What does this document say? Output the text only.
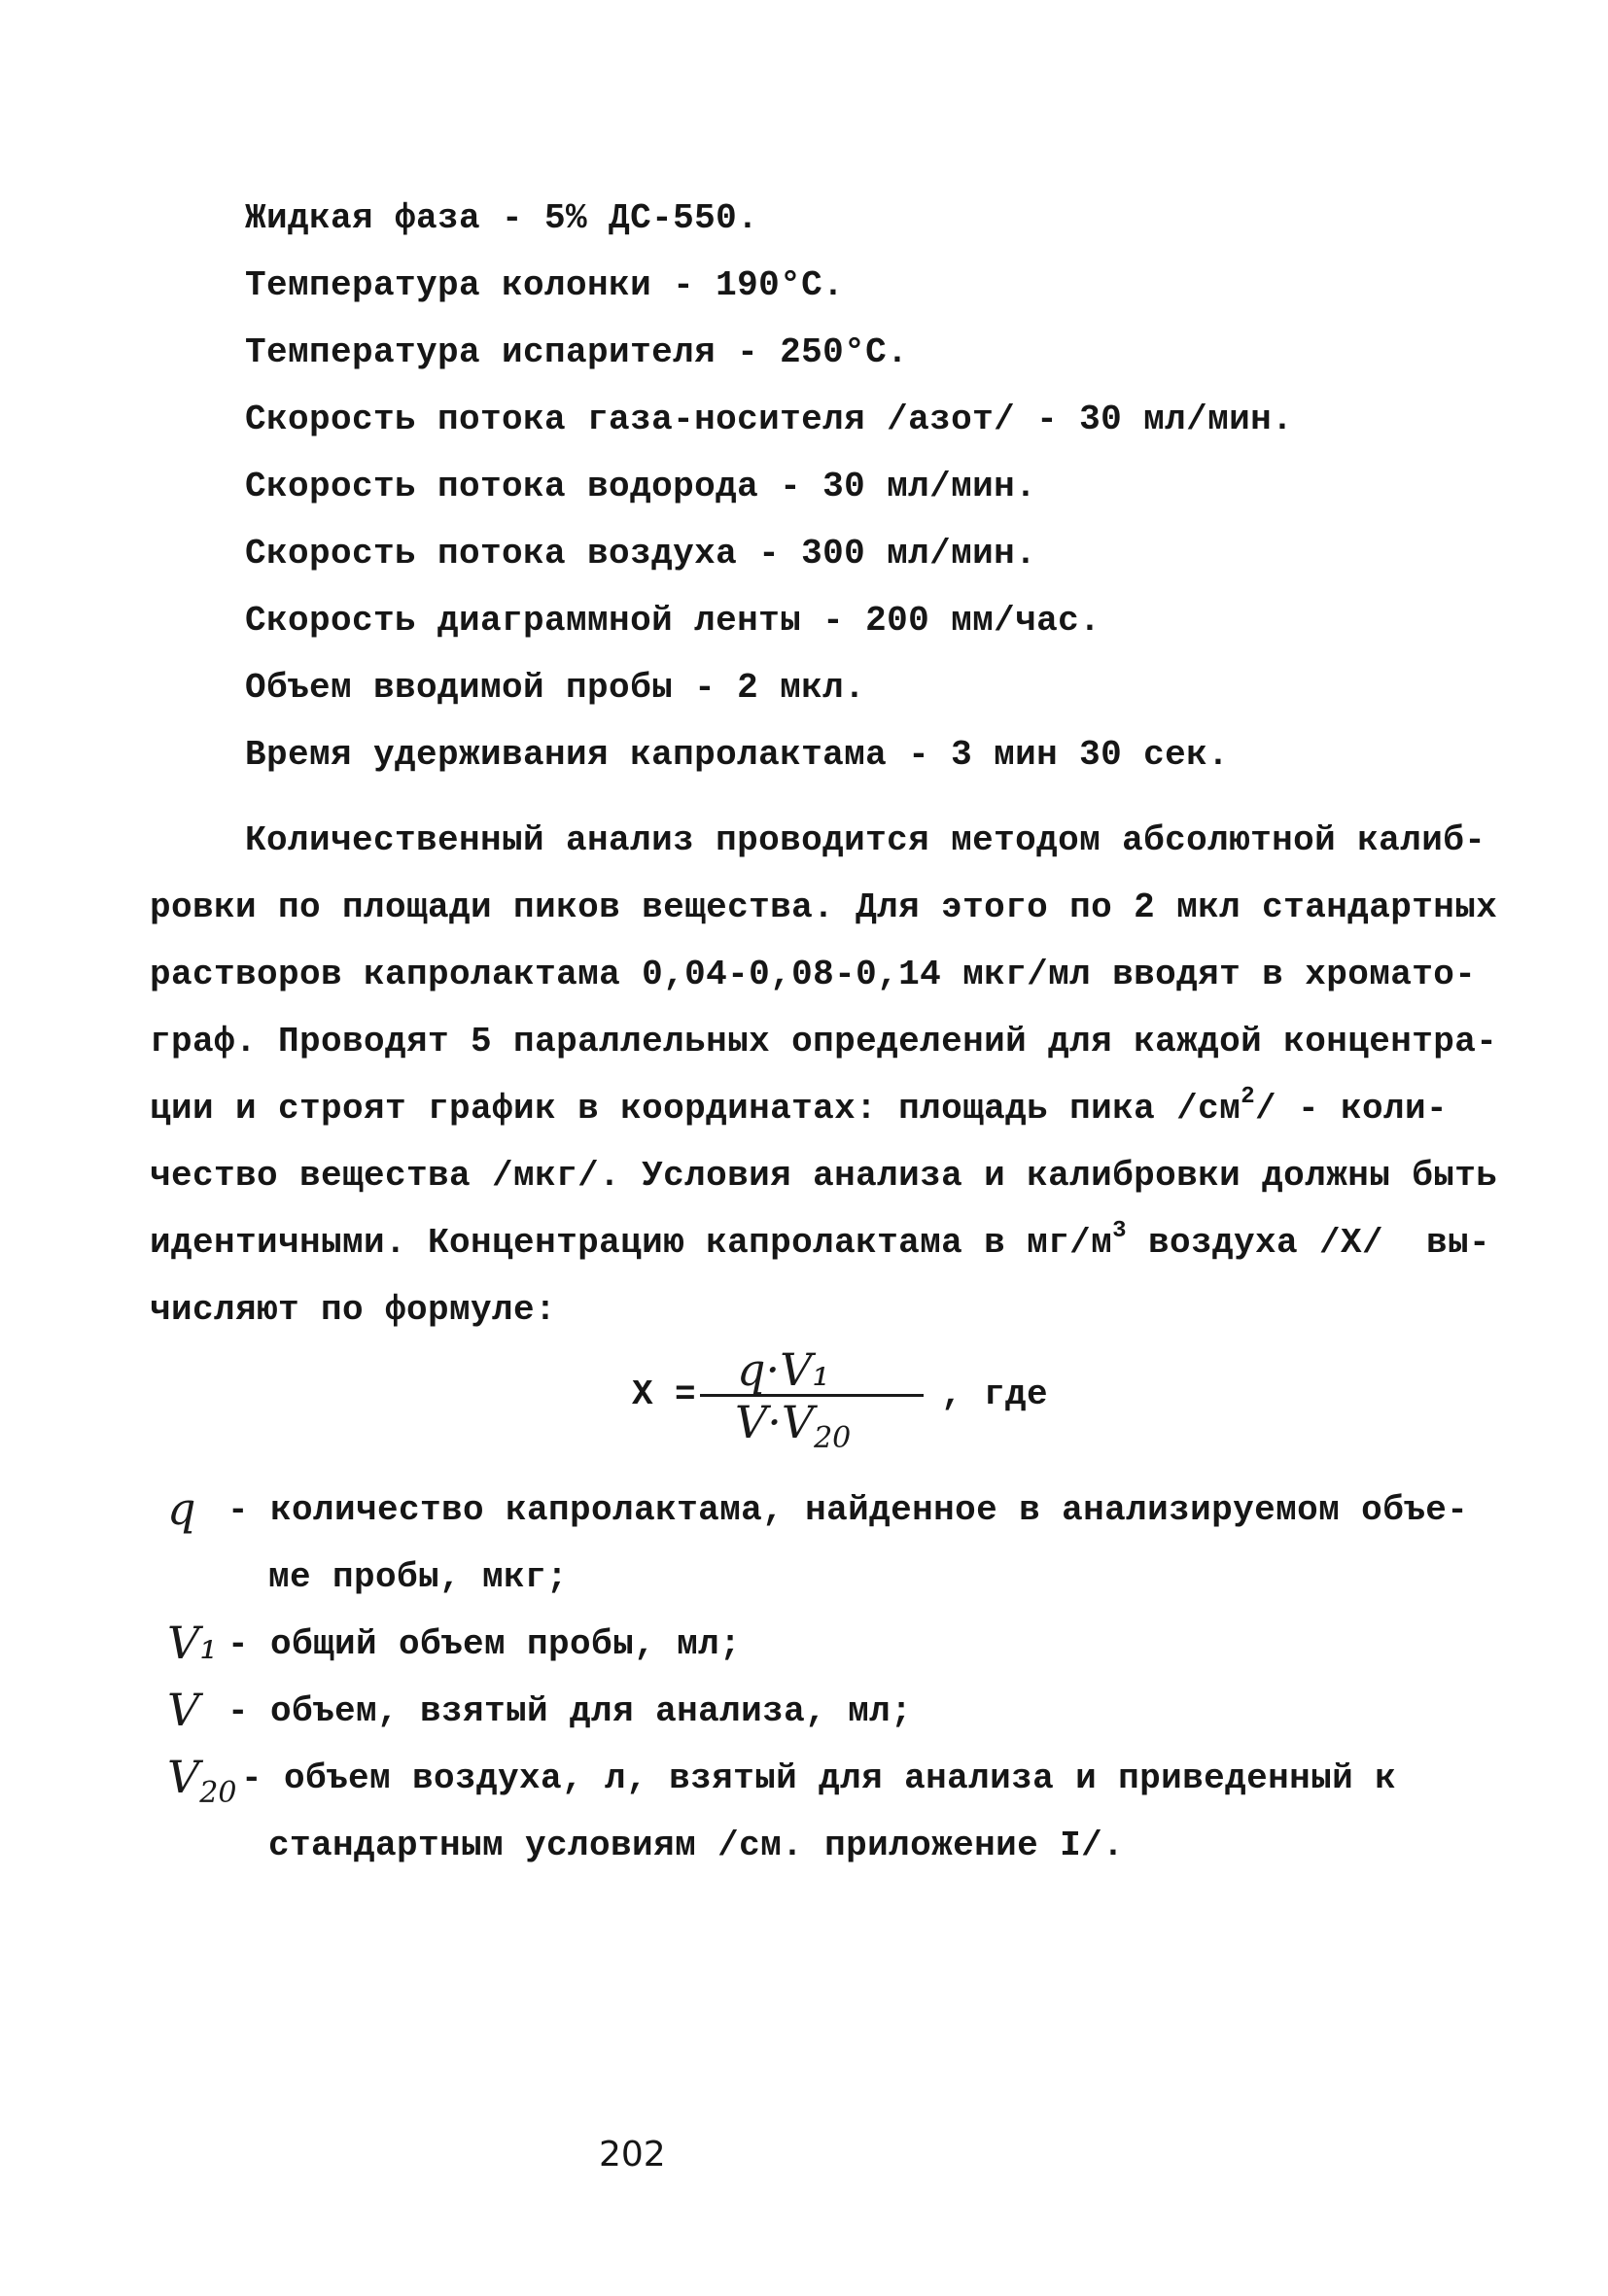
Жидкая фаза - 5% ДС-550.
Температура колонки - 190°С.
Температура испарителя - 250°С.
Скорость потока газа-носителя /азот/ - 30 мл/мин.
Скорость потока водорода - 30 мл/мин.
Скорость потока воздуха - 300 мл/мин.
Скорость диаграммной ленты - 200 мм/час.
Объем вводимой пробы - 2 мкл.
Время удерживания капролактама - 3 мин 30 сек.
Количественный анализ проводится методом абсолютной калиб-
ровки по площади пиков вещества. Для этого по 2 мкл стандартных
растворов капролактама 0,04-0,08-0,14 мкг/мл вводят в хромато-
граф. Проводят 5 параллельных определений для каждой концентра-
ции и строят график в координатах: площадь пика $/см^2/$ - коли-
чество вещества /мкг/. Условия анализа и калибровки должны быть
идентичными. Концентрацию капролактама в $мг/м^3$ воздуха /Х/  вы-
числяют по формуле:
Х = q·V₁
$V\cdot V_{20}$
, где
q - количество капролактама, найденное в анализируемом объе-
ме пробы, мкг;
V₁ - общий объем пробы, мл;
V - объем, взятый для анализа, мл;
$V_{20}$ - объем воздуха, л, взятый для анализа и приведенный к
стандартным условиям /см. приложение I/.
202
